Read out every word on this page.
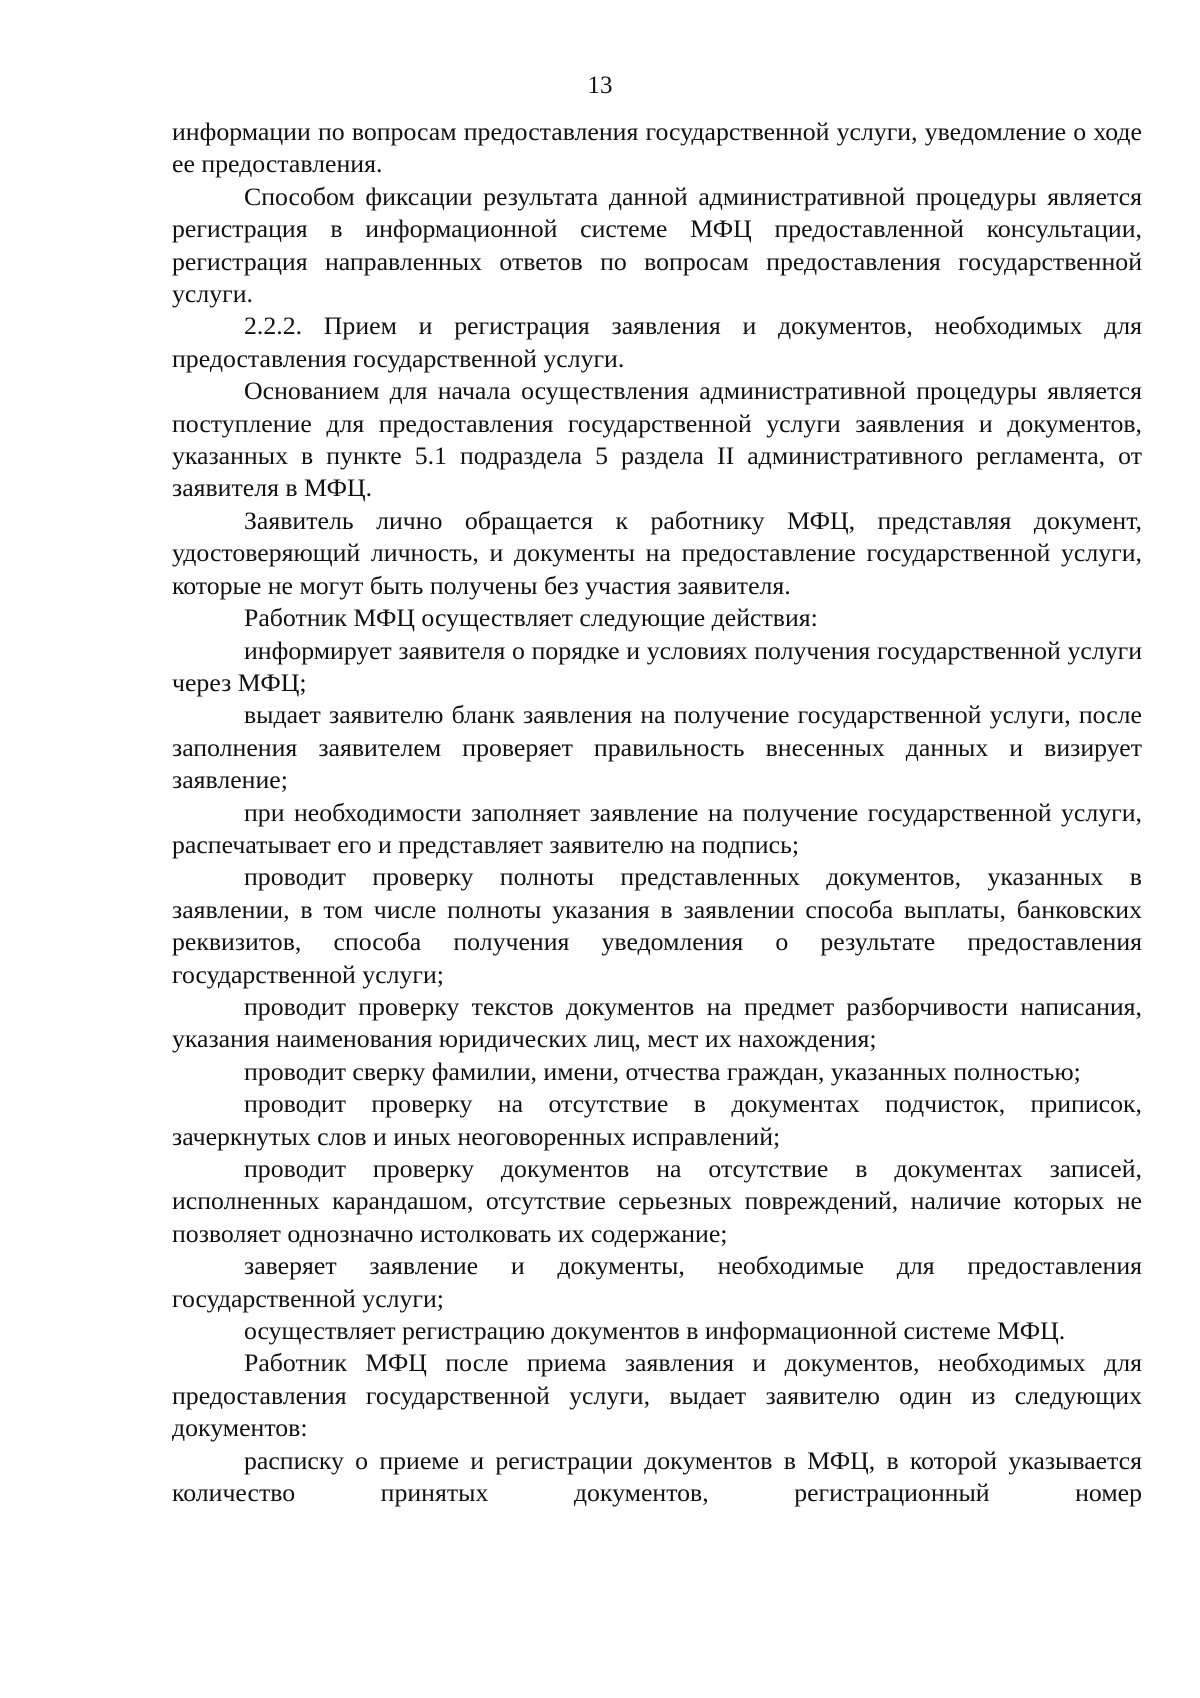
13

информации по вопросам предоставления государственной услуги, уведомление о ходе ее предоставления.

Способом фиксации результата данной административной процедуры является регистрация в информационной системе МФЦ предоставленной консультации, регистрация направленных ответов по вопросам предоставления государственной услуги.

2.2.2. Прием и регистрация заявления и документов, необходимых для предоставления государственной услуги.

Основанием для начала осуществления административной процедуры является поступление для предоставления государственной услуги заявления и документов, указанных в пункте 5.1 подраздела 5 раздела II административного регламента, от заявителя в МФЦ.

Заявитель лично обращается к работнику МФЦ, представляя документ, удостоверяющий личность, и документы на предоставление государственной услуги, которые не могут быть получены без участия заявителя.

Работник МФЦ осуществляет следующие действия:

информирует заявителя о порядке и условиях получения государственной услуги через МФЦ;

выдает заявителю бланк заявления на получение государственной услуги, после заполнения заявителем проверяет правильность внесенных данных и визирует заявление;

при необходимости заполняет заявление на получение государственной услуги, распечатывает его и представляет заявителю на подпись;

проводит проверку полноты представленных документов, указанных в заявлении, в том числе полноты указания в заявлении способа выплаты, банковских реквизитов, способа получения уведомления о результате предоставления государственной услуги;

проводит проверку текстов документов на предмет разборчивости написания, указания наименования юридических лиц, мест их нахождения;

проводит сверку фамилии, имени, отчества граждан, указанных полностью;

проводит проверку на отсутствие в документах подчисток, приписок, зачеркнутых слов и иных неоговоренных исправлений;

проводит проверку документов на отсутствие в документах записей, исполненных карандашом, отсутствие серьезных повреждений, наличие которых не позволяет однозначно истолковать их содержание;

заверяет заявление и документы, необходимые для предоставления государственной услуги;

осуществляет регистрацию документов в информационной системе МФЦ.

Работник МФЦ после приема заявления и документов, необходимых для предоставления государственной услуги, выдает заявителю один из следующих документов:

расписку о приеме и регистрации документов в МФЦ, в которой указывается количество принятых документов, регистрационный номер
